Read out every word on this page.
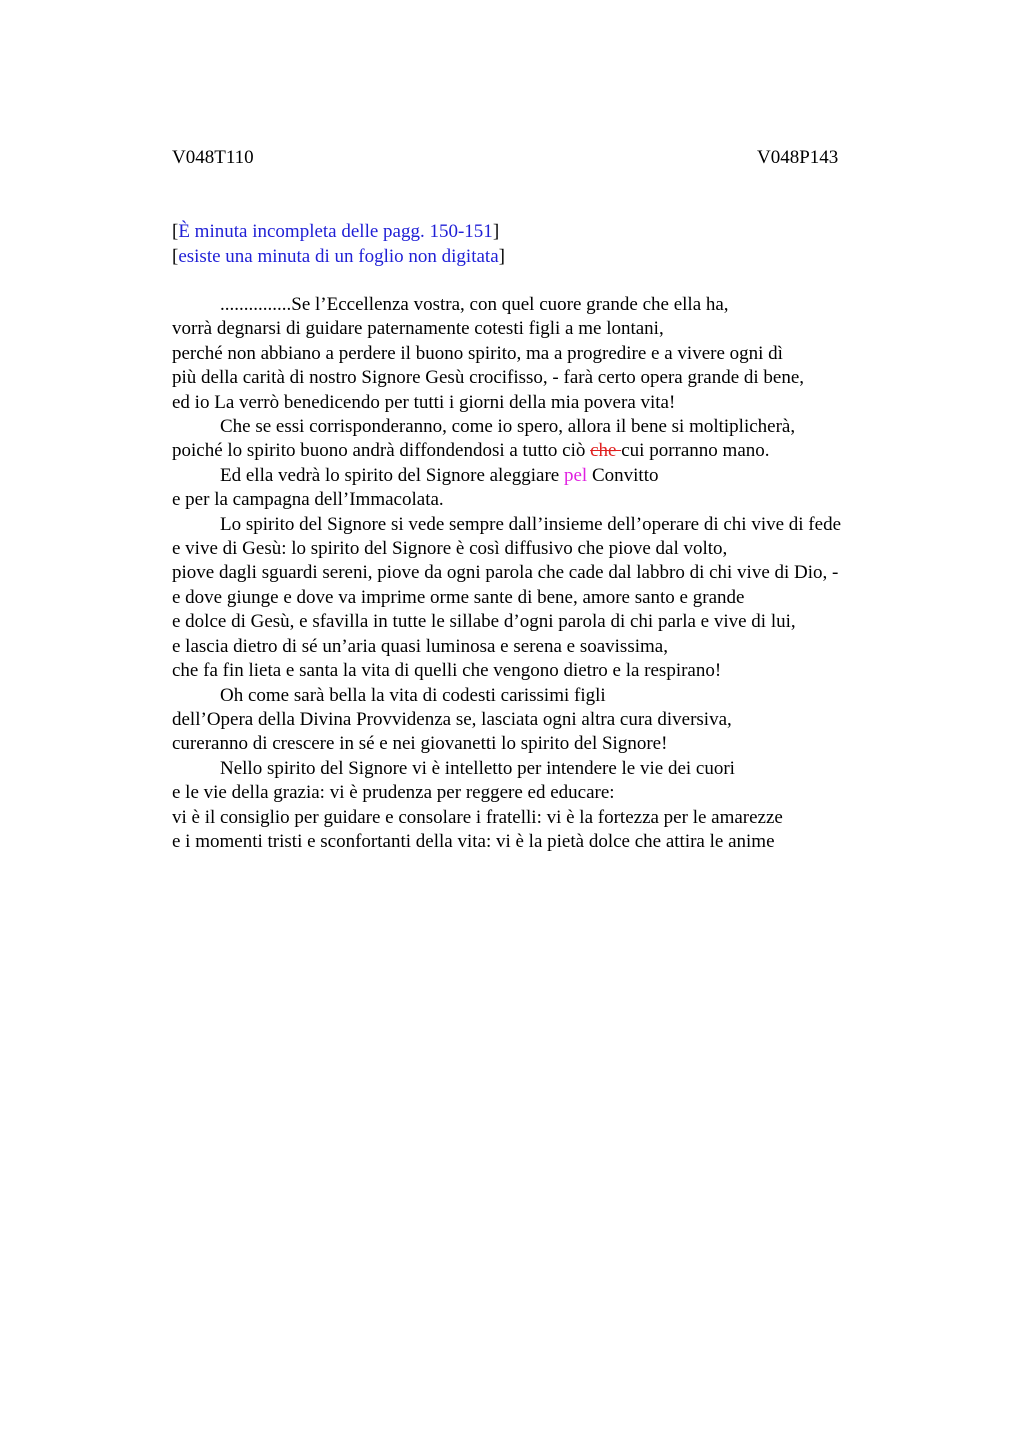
V048T110	V048P143
[È minuta incompleta delle pagg. 150-151]
[esiste una minuta di un foglio non digitata]
...............Se l’Eccellenza vostra, con quel cuore grande che ella ha,
vorrà degnarsi di guidare paternamente cotesti figli a me lontani,
perché non abbiano a perdere il buono spirito, ma a progredire e a vivere ogni dì
più della carità di nostro Signore Gesù crocifisso, - farà certo opera grande di bene,
ed io La verrò benedicendo per tutti i giorni della mia povera vita!
Che se essi corrisponderanno, come io spero, allora il bene si moltiplicherà,
poiché lo spirito buono andrà diffondendosi a tutto ciò che cui porranno mano.
Ed ella vedrà lo spirito del Signore aleggiare pel Convitto
e per la campagna dell’Immacolata.
Lo spirito del Signore si vede sempre dall’insieme dell’operare di chi vive di fede
e vive di Gesù: lo spirito del Signore è così diffusivo che piove dal volto,
piove dagli sguardi sereni, piove da ogni parola che cade dal labbro di chi vive di Dio, -
e dove giunge e dove va imprime orme sante di bene, amore santo e grande
e dolce di Gesù, e sfavilla in tutte le sillabe d’ogni parola di chi parla e vive di lui,
e lascia dietro di sé un’aria quasi luminosa e serena e soavissima,
che fa fin lieta e santa la vita di quelli che vengono dietro e la respirano!
Oh come sarà bella la vita di codesti carissimi figli
dell’Opera della Divina Provvidenza se, lasciata ogni altra cura diversiva,
cureranno di crescere in sé e nei giovanetti lo spirito del Signore!
Nello spirito del Signore vi è intelletto per intendere le vie dei cuori
e le vie della grazia: vi è prudenza per reggere ed educare:
vi è il consiglio per guidare e consolare i fratelli: vi è la fortezza per le amarezze
e i momenti tristi e sconfortanti della vita: vi è la pietà dolce che attira le anime
